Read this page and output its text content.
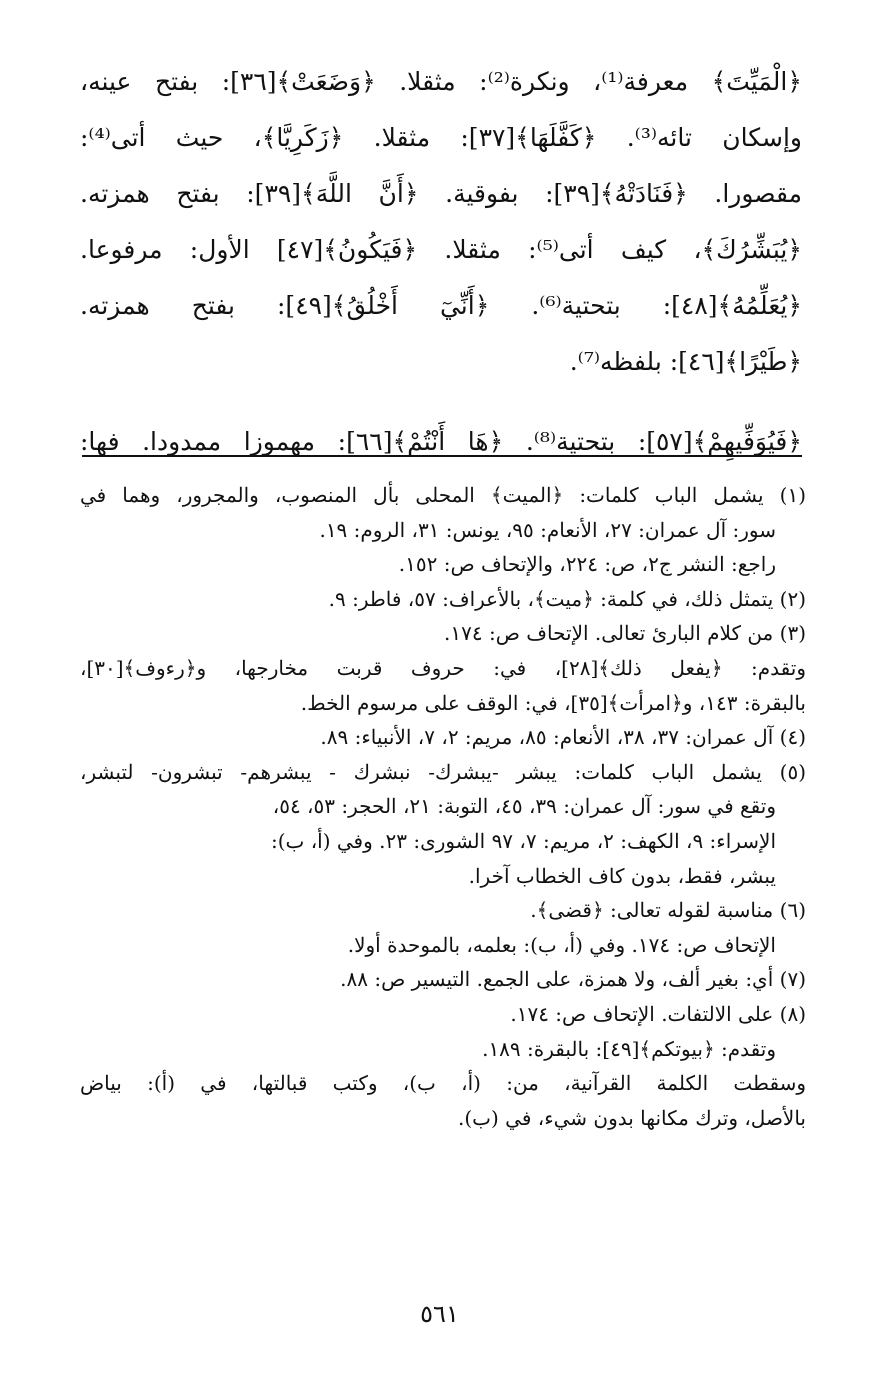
﴿الْمَيِّتَ﴾ معرفة⁽¹⁾، ونكرة⁽²⁾: مثقلا. ﴿وَضَعَتْ﴾[٣٦]: بفتح عينه،
وإسكان تائه⁽³⁾. ﴿كَفَّلَهَا﴾[٣٧]: مثقلا. ﴿زَكَرِيَّا﴾، حيث أتى⁽⁴⁾:
مقصورا. ﴿فَنَادَتْهُ﴾[٣٩]: بفوقية. ﴿أَنَّ اللَّهَ﴾[٣٩]: بفتح همزته.
﴿يُبَشِّرُكَ﴾، كيف أتى⁽⁵⁾: مثقلا. ﴿فَيَكُونُ﴾[٤٧] الأول: مرفوعا.
﴿يُعَلِّمُهُ﴾[٤٨]: بتحتية⁽⁶⁾. ﴿أَنِّيٓ أَخْلُقُ﴾[٤٩]: بفتح همزته.
﴿طَيْرًا﴾[٤٦]: بلفظه⁽⁷⁾.
﴿فَيُوَفِّيهِمْ﴾[٥٧]: بتحتية⁽⁸⁾. ﴿هَا أَنْتُمْ﴾[٦٦]: مهموزا ممدودا. فها:
(١) يشمل الباب كلمات: ﴿الميت﴾ المحلى بأل المنصوب، والمجرور، وهما في
سور: آل عمران: ٢٧، الأنعام: ٩٥، يونس: ٣١، الروم: ١٩.
راجع: النشر ج٢، ص: ٢٢٤، والإتحاف ص: ١٥٢.
(٢) يتمثل ذلك، في كلمة: ﴿ميت﴾، بالأعراف: ٥٧، فاطر: ٩.
(٣) من كلام البارئ تعالى. الإتحاف ص: ١٧٤.
وتقدم: ﴿يفعل ذلك﴾[٢٨]، في: حروف قربت مخارجها، و﴿رءوف﴾[٣٠]،
بالبقرة: ١٤٣، و﴿امرأت﴾[٣٥]، في: الوقف على مرسوم الخط.
(٤) آل عمران: ٣٧، ٣٨، الأنعام: ٨٥، مريم: ٢، ٧، الأنبياء: ٨٩.
(٥) يشمل الباب كلمات: يبشر -يبشرك- نبشرك - يبشرهم- تبشرون- لتبشر،
وتقع في سور: آل عمران: ٣٩، ٤٥، التوبة: ٢١، الحجر: ٥٣، ٥٤،
الإسراء: ٩، الكهف: ٢، مريم: ٧، ٩٧ الشورى: ٢٣. وفي (أ، ب):
يبشر، فقط، بدون كاف الخطاب آخرا.
(٦) مناسبة لقوله تعالى: ﴿قضى﴾.
الإتحاف ص: ١٧٤. وفي (أ، ب): بعلمه، بالموحدة أولا.
(٧) أي: بغير ألف، ولا همزة، على الجمع. التيسير ص: ٨٨.
(٨) على الالتفات. الإتحاف ص: ١٧٤.
وتقدم: ﴿بيوتكم﴾[٤٩]: بالبقرة: ١٨٩.
وسقطت الكلمة القرآنية، من: (أ، ب)، وكتب قبالتها، في (أ): بياض
بالأصل، وترك مكانها بدون شيء، في (ب).
٥٦١
